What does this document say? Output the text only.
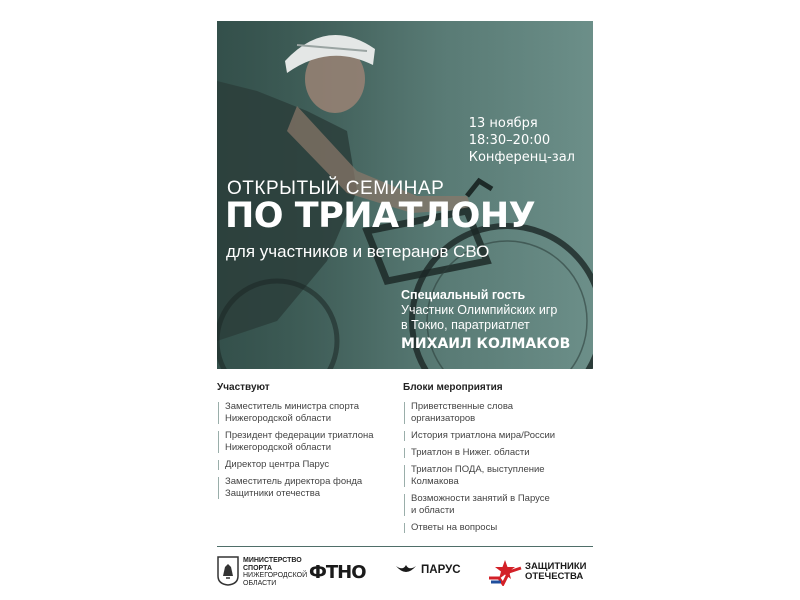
13 ноября
18:30–20:00
Конференц-зал
ОТКРЫТЫЙ СЕМИНАР
ПО ТРИАТЛОНУ
для участников и ветеранов СВО
Специальный гость
Участник Олимпийских игр
в Токио, паратриатлет
МИХАИЛ КОЛМАКОВ
Участвуют
Заместитель министра спорта
Нижегородской области
Президент федерации триатлона
Нижегородской области
Директор центра Парус
Заместитель директора фонда
Защитники отечества
Блоки мероприятия
Приветственные слова
организаторов
История триатлона мира/России
Триатлон в Нижег. области
Триатлон ПОДА, выступление
Колмакова
Возможности занятий в Парусе
и области
Ответы на вопросы
МИНИСТЕРСТВО
СПОРТА
НИЖЕГОРОДСКОЙ
ОБЛАСТИ	ФТНО	ПАРУС	ЗАЩИТНИКИ
ОТЕЧЕСТВА
